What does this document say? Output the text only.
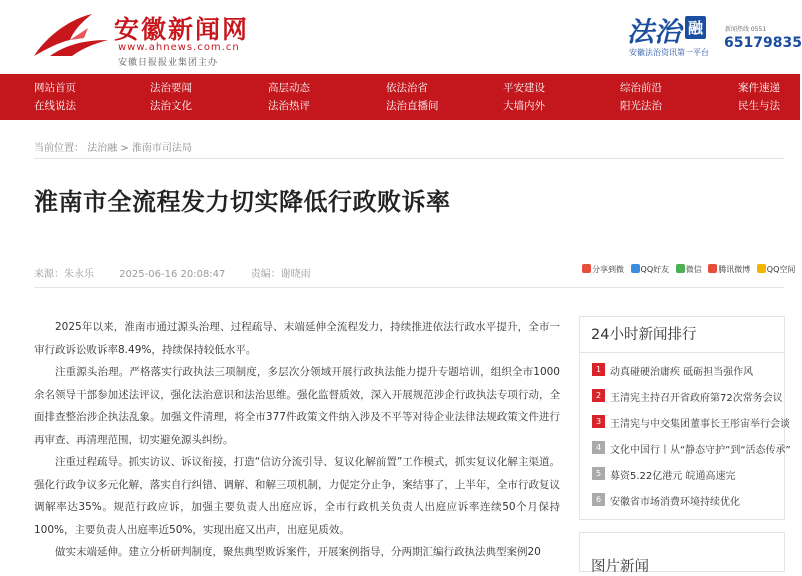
安徽新闻网
www.ahnews.com.cn
安徽日报报业集团主办
法治 融
安徽法治资讯第一平台
新闻热线 0551
65179835
网站首页	法治要闻	高层动态	依法治省	平安建设	综治前沿	案件速递
在线说法	法治文化	法治热评	法治直播间	大墙内外	阳光法治	民生与法
当前位置： 法治融 > 淮南市司法局
淮南市全流程发力切实降低行政败诉率
来源：朱永乐	2025-06-16 20:08:47	责编：谢晓雨	分享到微 QQ好友 微信 腾讯微博 QQ空间

2025年以来，淮南市通过源头治理、过程疏导、末端延伸全流程发力，持续推进依法行政水平提升，全市一审行政诉讼败诉率8.49%，持续保持较低水平。

注重源头治理。严格落实行政执法三项制度，多层次分领域开展行政执法能力提升专题培训，组织全市1000余名领导干部参加述法评议，强化法治意识和法治思维。强化监督质效，深入开展规范涉企行政执法专项行动，全面排查整治涉企执法乱象。加强文件清理，将全市377件政策文件纳入涉及不平等对待企业法律法规政策文件进行再审查、再清理范围，切实避免源头纠纷。

注重过程疏导。抓实访议、诉议衔接，打造“信访分流引导、复议化解前置”工作模式，抓实复议化解主渠道。强化行政争议多元化解，落实自行纠错、调解、和解三项机制，力促定分止争，案结事了，上半年，全市行政复议调解率达35%。规范行政应诉，加强主要负责人出庭应诉，全市行政机关负责人出庭应诉率连续50个月保持100%，主要负责人出庭率近50%，实现出庭又出声，出庭见质效。

做实末端延伸。建立分析研判制度，聚焦典型败诉案件，开展案例指导，分两期汇编行政执法典型案例20

24小时新闻排行
1 动真碰硬治庸疾 砥砺担当强作风
2 王清宪主持召开省政府第72次常务会议
3 王清宪与中交集团董事长王彤宙举行会谈
4 文化中国行丨从“静态守护”到“活态传承”
5 募资5.22亿港元 皖通高速完
6 安徽省市场消费环境持续优化
图片新闻
